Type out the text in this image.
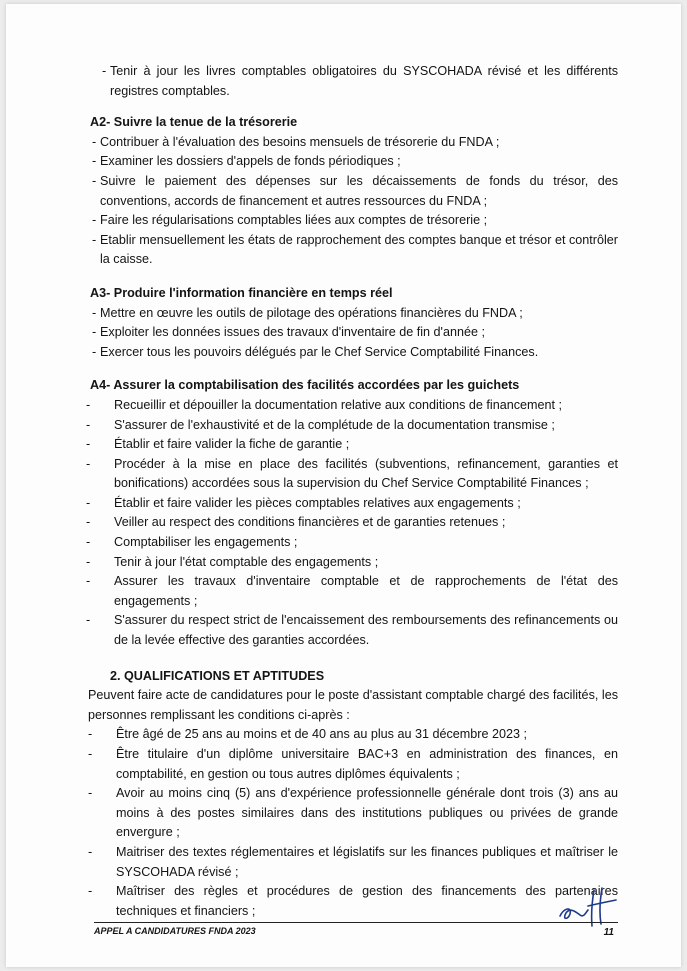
- Tenir à jour les livres comptables obligatoires du SYSCOHADA révisé et les différents registres comptables.

A2- Suivre la tenue de la trésorerie

- Contribuer à l'évaluation des besoins mensuels de trésorerie du FNDA ;
- Examiner les dossiers d'appels de fonds périodiques ;
- Suivre le paiement des dépenses sur les décaissements de fonds du trésor, des conventions, accords de financement et autres ressources du FNDA ;
- Faire les régularisations comptables liées aux comptes de trésorerie ;
- Etablir mensuellement les états de rapprochement des comptes banque et trésor et contrôler la caisse.

A3- Produire l'information financière en temps réel

- Mettre en œuvre les outils de pilotage des opérations financières du FNDA ;
- Exploiter les données issues des travaux d'inventaire de fin d'année ;
- Exercer tous les pouvoirs délégués par le Chef Service Comptabilité Finances.

A4- Assurer la comptabilisation des facilités accordées par les guichets

- Recueillir et dépouiller la documentation relative aux conditions de financement ;
- S'assurer de l'exhaustivité et de la complétude de la documentation transmise ;
- Établir et faire valider la fiche de garantie ;
- Procéder à la mise en place des facilités (subventions, refinancement, garanties et bonifications) accordées sous la supervision du Chef Service Comptabilité Finances ;
- Établir et faire valider les pièces comptables relatives aux engagements ;
- Veiller au respect des conditions financières et de garanties retenues ;
- Comptabiliser les engagements ;
- Tenir à jour l'état comptable des engagements ;
- Assurer les travaux d'inventaire comptable et de rapprochements de l'état des engagements ;
- S'assurer du respect strict de l'encaissement des remboursements des refinancements ou de la levée effective des garanties accordées.

2. QUALIFICATIONS ET APTITUDES

Peuvent faire acte de candidatures pour le poste d'assistant comptable chargé des facilités, les personnes remplissant les conditions ci-après :

- Être âgé de 25 ans au moins et de 40 ans au plus au 31 décembre 2023 ;
- Être titulaire d'un diplôme universitaire BAC+3 en administration des finances, en comptabilité, en gestion ou tous autres diplômes équivalents ;
- Avoir au moins cinq (5) ans d'expérience professionnelle générale dont trois (3) ans au moins à des postes similaires dans des institutions publiques ou privées de grande envergure ;
- Maitriser des textes réglementaires et législatifs sur les finances publiques et maîtriser le SYSCOHADA révisé ;
- Maîtriser des règles et procédures de gestion des financements des partenaires techniques et financiers ;
APPEL A CANDIDATURES FNDA 2023	11
